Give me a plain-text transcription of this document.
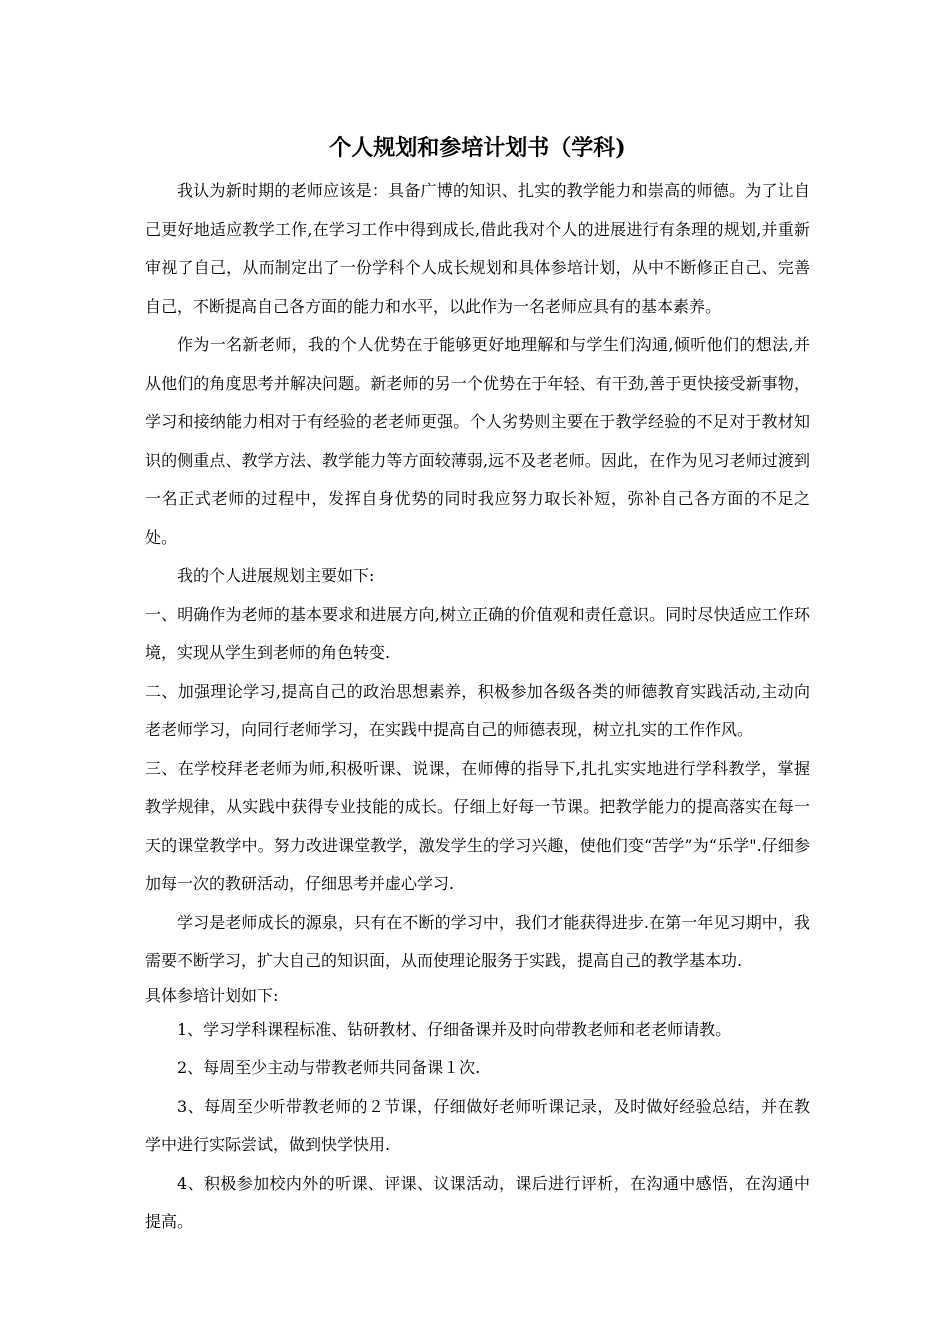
个人规划和参培计划书（学科)

我认为新时期的老师应该是：具备广博的知识、扎实的教学能力和崇高的师德。为了让自己更好地适应教学工作,在学习工作中得到成长,借此我对个人的进展进行有条理的规划,并重新审视了自己，从而制定出了一份学科个人成长规划和具体参培计划，从中不断修正自己、完善自己，不断提高自己各方面的能力和水平，以此作为一名老师应具有的基本素养。

作为一名新老师，我的个人优势在于能够更好地理解和与学生们沟通,倾听他们的想法,并从他们的角度思考并解决问题。新老师的另一个优势在于年轻、有干劲,善于更快接受新事物，学习和接纳能力相对于有经验的老老师更强。个人劣势则主要在于教学经验的不足对于教材知识的侧重点、教学方法、教学能力等方面较薄弱,远不及老老师。因此，在作为见习老师过渡到一名正式老师的过程中，发挥自身优势的同时我应努力取长补短，弥补自己各方面的不足之处。

我的个人进展规划主要如下:

一、明确作为老师的基本要求和进展方向,树立正确的价值观和责任意识。同时尽快适应工作环境，实现从学生到老师的角色转变.

二、加强理论学习,提高自己的政治思想素养，积极参加各级各类的师德教育实践活动,主动向老老师学习，向同行老师学习，在实践中提高自己的师德表现，树立扎实的工作作风。

三、在学校拜老老师为师,积极听课、说课，在师傅的指导下,扎扎实实地进行学科教学，掌握教学规律，从实践中获得专业技能的成长。仔细上好每一节课。把教学能力的提高落实在每一天的课堂教学中。努力改进课堂教学，激发学生的学习兴趣，使他们变“苦学”为“乐学".仔细参加每一次的教研活动，仔细思考并虚心学习.

学习是老师成长的源泉，只有在不断的学习中，我们才能获得进步.在第一年见习期中，我需要不断学习，扩大自己的知识面，从而使理论服务于实践，提高自己的教学基本功.

具体参培计划如下:

1、学习学科课程标准、钻研教材、仔细备课并及时向带教老师和老老师请教。

2、每周至少主动与带教老师共同备课１次.

3、每周至少听带教老师的２节课，仔细做好老师听课记录，及时做好经验总结，并在教学中进行实际尝试，做到快学快用.

4、积极参加校内外的听课、评课、议课活动，课后进行评析，在沟通中感悟，在沟通中提高。
